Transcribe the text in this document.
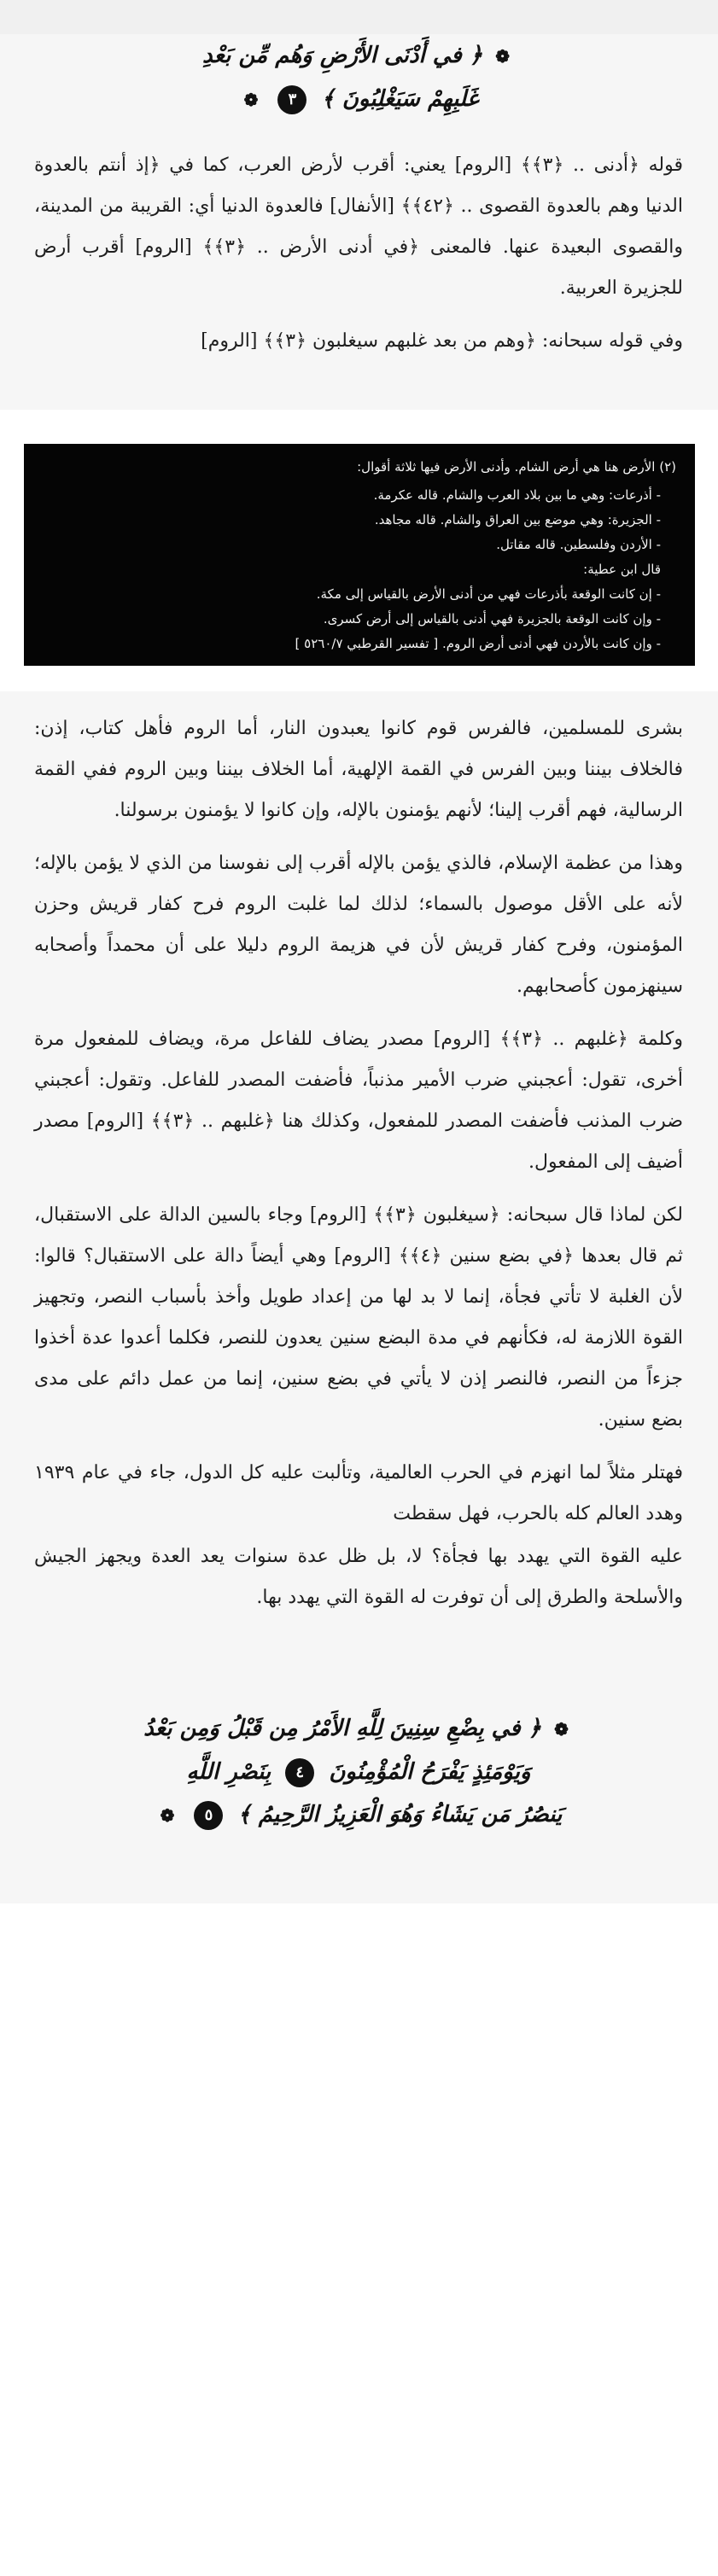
❁ ﴿ في أَدْنَى الأَرْضِ وَهُم مِّن بَعْدِ
غَلَبِهِمْ سَيَغْلِبُونَ ﴾ ٣ ❁

قوله ﴿أدنى .. ﴿٣﴾﴾ [الروم] يعني: أقرب لأرض العرب، كما في ﴿إذ أنتم بالعدوة الدنيا وهم بالعدوة القصوى .. ﴿٤٢﴾﴾ [الأنفال] فالعدوة الدنيا أي: القريبة من المدينة، والقصوى البعيدة عنها. فالمعنى ﴿في أدنى الأرض .. ﴿٣﴾﴾ [الروم] أقرب أرض للجزيرة العربية.

وفي قوله سبحانه: ﴿وهم من بعد غلبهم سيغلبون ﴿٣﴾﴾ [الروم]

(٢) الأرض هنا هي أرض الشام. وأدنى الأرض فيها ثلاثة أقوال:
- أذرعات: وهي ما بين بلاد العرب والشام. قاله عكرمة.
- الجزيرة: وهي موضع بين العراق والشام. قاله مجاهد.
- الأردن وفلسطين. قاله مقاتل.
قال ابن عطية:
- إن كانت الوقعة بأذرعات فهي من أدنى الأرض بالقياس إلى مكة.
- وإن كانت الوقعة بالجزيرة فهي أدنى بالقياس إلى أرض كسرى.
- وإن كانت بالأردن فهي أدنى أرض الروم. [ تفسير القرطبي ٥٢٦٠/٧ ]

بشرى للمسلمين، فالفرس قوم كانوا يعبدون النار، أما الروم فأهل كتاب، إذن: فالخلاف بيننا وبين الفرس في القمة الإلهية، أما الخلاف بيننا وبين الروم ففي القمة الرسالية، فهم أقرب إلينا؛ لأنهم يؤمنون بالإله، وإن كانوا لا يؤمنون برسولنا.

وهذا من عظمة الإسلام، فالذي يؤمن بالإله أقرب إلى نفوسنا من الذي لا يؤمن بالإله؛ لأنه على الأقل موصول بالسماء؛ لذلك لما غلبت الروم فرح كفار قريش وحزن المؤمنون، وفرح كفار قريش لأن في هزيمة الروم دليلا على أن محمداً وأصحابه سينهزمون كأصحابهم.

وكلمة ﴿غلبهم .. ﴿٣﴾﴾ [الروم] مصدر يضاف للفاعل مرة، ويضاف للمفعول مرة أخرى، تقول: أعجبني ضرب الأمير مذنباً، فأضفت المصدر للفاعل. وتقول: أعجبني ضرب المذنب فأضفت المصدر للمفعول، وكذلك هنا ﴿غلبهم .. ﴿٣﴾﴾ [الروم] مصدر أضيف إلى المفعول.

لكن لماذا قال سبحانه: ﴿سيغلبون ﴿٣﴾﴾ [الروم] وجاء بالسين الدالة على الاستقبال، ثم قال بعدها ﴿في بضع سنين ﴿٤﴾﴾ [الروم] وهي أيضاً دالة على الاستقبال؟ قالوا: لأن الغلبة لا تأتي فجأة، إنما لا بد لها من إعداد طويل وأخذ بأسباب النصر، وتجهيز القوة اللازمة له، فكأنهم في مدة البضع سنين يعدون للنصر، فكلما أعدوا عدة أخذوا جزءاً من النصر، فالنصر إذن لا يأتي في بضع سنين، إنما من عمل دائم على مدى بضع سنين.

فهتلر مثلاً لما انهزم في الحرب العالمية، وتألبت عليه كل الدول، جاء في عام ١٩٣٩ وهدد العالم كله بالحرب، فهل سقطت

عليه القوة التي يهدد بها فجأة؟ لا، بل ظل عدة سنوات يعد العدة ويجهز الجيش والأسلحة والطرق إلى أن توفرت له القوة التي يهدد بها.

❁ ﴿ في بِضْعِ سِنِينَ لِلَّهِ الأَمْرُ مِن قَبْلُ وَمِن بَعْدُ
وَيَوْمَئِذٍ يَفْرَحُ الْمُؤْمِنُونَ ٤ بِنَصْرِ اللَّهِ
يَنصُرُ مَن يَشَاءُ وَهُوَ الْعَزِيزُ الرَّحِيمُ ﴾ ٥ ❁
